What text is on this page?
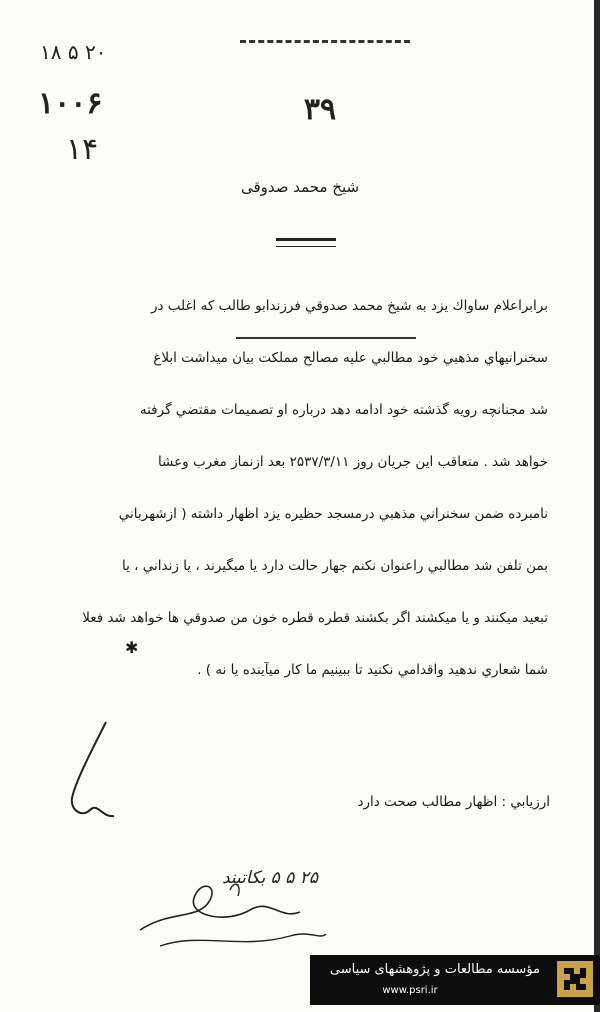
۱۸ ۵ ۲۰
۱۰۰۶
۱۴
۳۹
شیخ محمد صدوقی
برابراعلام ساواك يزد به شيخ محمد صدوقي فرزندابو طالب كه اغلب در
سخنرانيهاي مذهبي خود مطالبي عليه مصالح مملكت بيان ميداشت ابلاغ
شد مجنانچه رويه گذشته خود ادامه دهد درباره او تصميمات مقتضي گرفته
خواهد شد . متعاقب اين جريان روز ۲۵۳۷/۳/۱۱ بعد ازنماز مغرب وعشا
نامبرده ضمن سخنراني مذهبي درمسجد حظيره يزد اظهار داشته ( ازشهرباني
بمن تلفن شد مطالبي راعنوان نكنم جهار حالت دارد يا ميگيرند ، يا زنداني ، يا
تبعيد ميكنند و يا ميكشند اگر بكشند قطره قطره خون من صدوقي ها خواهد شد فعلا
شما شعاري ندهيد واقدامي نكنيد تا ببينيم ما كار ميآينده يا نه ) .
✱
ارزيابي : اظهار مطالب صحت دارد
۲۵ ۵ ۵ بكاتبند
مؤسسه مطالعات و پژوهشهای سیاسی
www.psri.ir
